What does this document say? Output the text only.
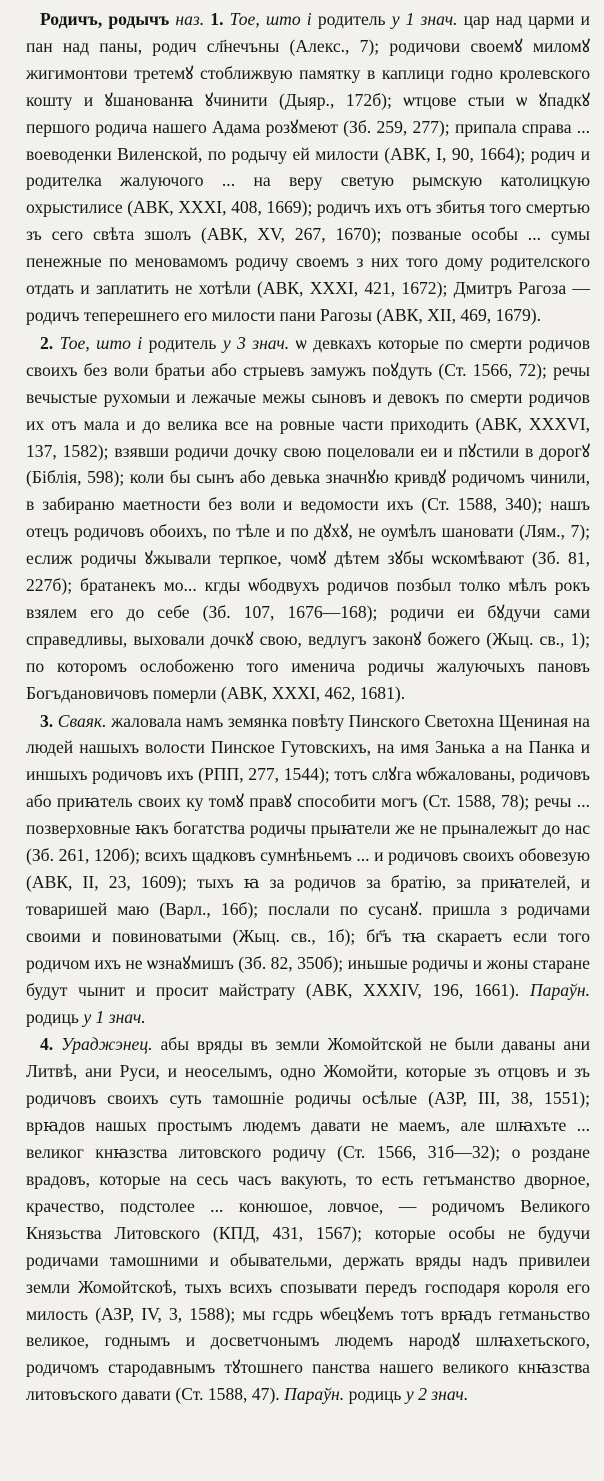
Родичъ, родычъ наз. 1. Тое, што і родитель у 1 знач. цар над царми и пан над паны, родич сл҃нечъны (Алекс., 7); родичови своемꙋ миломꙋ жигимонтови третемꙋ стоближвую памятку в каплици годно кролевского кошту и ꙋшанованꙗ ꙋчинити (Дыяр., 172б); ѡтцове стыи ѡ ꙋпадкꙋ першого родича нашего Адама розꙋмеют (Зб. 259, 277); припала справа ... воеводенки Виленской, по родычу ей милости (АВК, I, 90, 1664); родич и родителка жалуючого ... на веру светую рымскую католицкую охрыстилисе (АВК, XXXI, 408, 1669); родичъ ихъ отъ збитья того смертью зъ сего свѣта зшолъ (АВК, XV, 267, 1670); позваные особы ... сумы пенежные по меновамомъ родичу своемъ з них того дому родителского отдать и заплатить не хотѣли (АВК, XXXI, 421, 1672); Дмитръ Рагоза — родичъ теперешнего его милости пани Рагозы (АВК, XII, 469, 1679).

2. Тое, што і родитель у 3 знач. ѡ девкахъ которые по смерти родичов своихъ без воли братьи або стрыевъ замужъ поꙋдуть (Ст. 1566, 72); речы вечыстые рухомыи и лежачые межы сыновъ и девокъ по смерти родичов их отъ мала и до велика все на ровные части приходить (АВК, XXXVI, 137, 1582); взявши родичи дочку свою поцеловали еи и пꙋстили в дорогꙋ (Біблія, 598); коли бы сынъ або девька значнꙋю кривдꙋ родичомъ чинили, в забираню маетности без воли и ведомости ихъ (Ст. 1588, 340); нашъ отецъ родичовъ обоихъ, по тѣле и по дꙋхꙋ, не оумѣлъ шановати (Лям., 7); еслиж родичы ꙋжывали терпкое, чомꙋ дѣтем зꙋбы ѡскомѣвают (Зб. 81, 227б); братанекъ мо... кгды ѡбодвухъ родичов позбыл толко мѣлъ рокъ взялем его до себе (Зб. 107, 1676—168); родичи еи бꙋдучи сами справедливы, выховали дочкꙋ свою, ведлугъ законꙋ божего (Жыц. св., 1); по которомъ ослобоженю того именича родичы жалуючыхъ пановъ Богъдановичовъ померли (АВК, XXXI, 462, 1681).

3. Сваяк. жаловала намъ земянка повѣту Пинского Светохна Щениная на людей нашыхъ волости Пинское Гутовскихъ, на имя Занька а на Панка и иншыхъ родичовъ ихъ (РПП, 277, 1544); тотъ слꙋга ѡбжалованы, родичовъ або приꙗтель своих ку томꙋ правꙋ способити могъ (Ст. 1588, 78); речы ... позверховные ꙗкъ богатства родичы прыꙗтели же не прыналежыт до нас (Зб. 261, 120б); всихъ щадковъ сумнѣньемъ ... и родичовъ своихъ обовезую (АВК, II, 23, 1609); тыхъ ꙗ за родичов за братію, за приꙗтелей, и товаришей маю (Варл., 16б); послали по сусанꙋ. пришла з родичами своими и повиноватыми (Жыц. св., 1б); бг҃ъ тꙗ скараетъ если того родичом ихъ не ѡзнаꙋмишъ (Зб. 82, 350б); иньшые родичы и жоны старане будут чынит и просит майстрату (АВК, XXXIV, 196, 1661). Параўн. родиць у 1 знач.

4. Ураджэнец. абы вряды въ земли Жомойтской не были даваны ани Литвѣ, ани Руси, и неоселымъ, одно Жомойти, которые зъ отцовъ и зъ родичовъ своихъ суть тамошніе родичы осѣлые (АЗР, III, 38, 1551); врꙗдов нашых простымъ людемъ давати не маемъ, але шлꙗхъте ... великог кнꙗзства литовского родичу (Ст. 1566, 31б—32); о роздане врадовъ, которые на сесь часъ вакують, то есть гетъманство дворное, крачество, подстолее ... конюшое, ловчое, — родичомъ Великого Князьства Литовского (КПД, 431, 1567); которые особы не будучи родичами тамошними и обывательми, держать вряды надъ привилеи земли Жомойтскоѣ, тыхъ всихъ спозывати передъ господаря короля его милость (АЗР, IV, 3, 1588); мы гсдрь ѡбецꙋемъ тотъ врꙗдъ гетманьство великое, годнымъ и досветчонымъ людемъ народꙋ шлꙗхетьского, родичомъ стародавнымъ тꙋтошнего панства нашего великого кнꙗзства литовъского давати (Ст. 1588, 47). Параўн. родиць у 2 знач.
